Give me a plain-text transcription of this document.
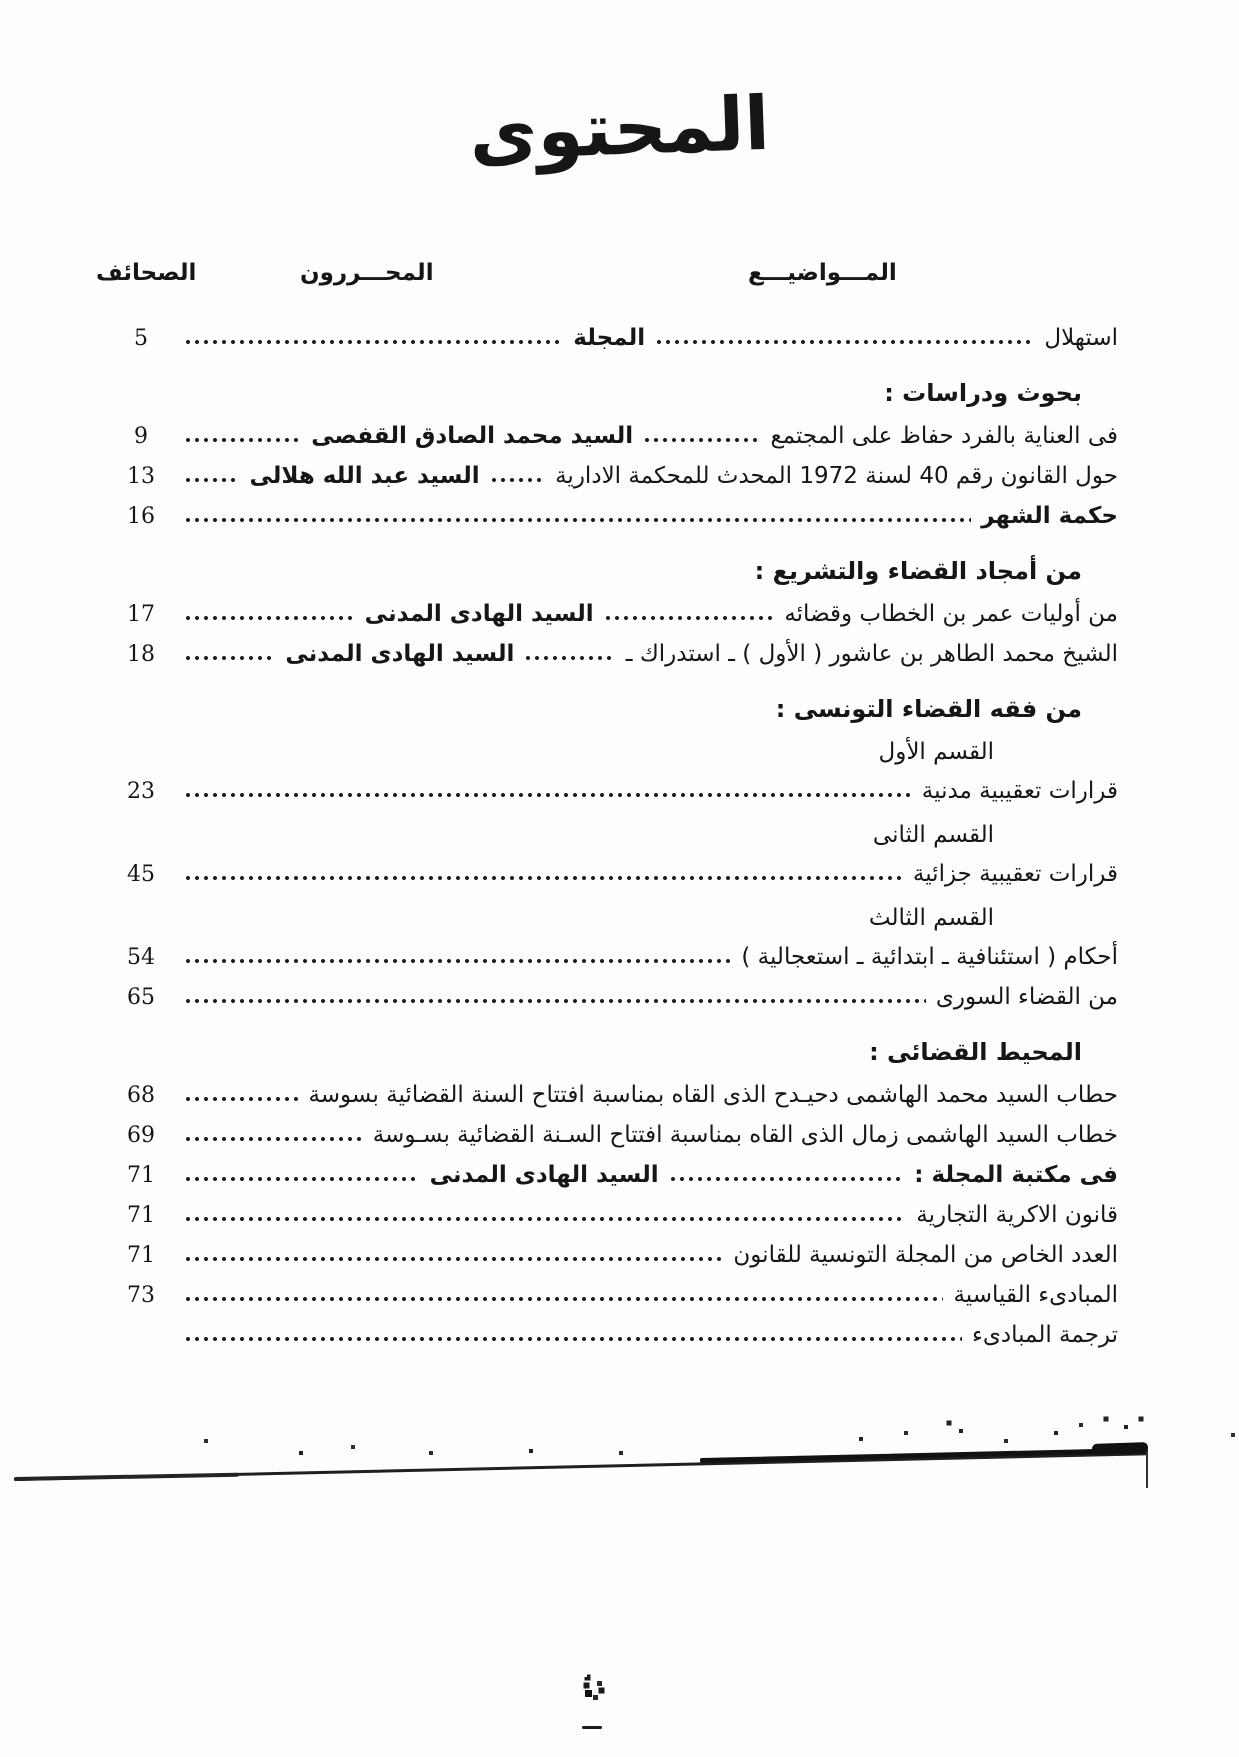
المحتوى
الصحائف	المحـــررون	المـــواضيـــع
استهلال
المجلة
5
بحوث ودراسات :
فى العناية بالفرد حفاظ على المجتمع
السيد محمد الصادق القفصى
9
حول القانون رقم 40 لسنة 1972 المحدث للمحكمة الادارية
السيد عبد الله هلالى
13
حكمة الشهر
16
من أمجاد القضاء والتشريع :
من أوليات عمر بن الخطاب وقضائه
السيد الهادى المدنى
17
الشيخ محمد الطاهر بن عاشور ( الأول ) ـ استدراك ـ
السيد الهادى المدنى
18
من فقه القضاء التونسى :
القسم الأول
قرارات تعقيبية مدنية
23
القسم الثانى
قرارات تعقيبية جزائية
45
القسم الثالث
أحكام ( استئنافية ـ ابتدائية ـ استعجالية )
54
من القضاء السورى
65
المحيط القضائى :
حطاب السيد محمد الهاشمى دحيـدح الذى القاه بمناسبة افتتاح السنة القضائية بسوسة
68
خطاب السيد الهاشمى زمال الذى القاه بمناسبة افتتاح السـنة القضائية بسـوسة
69
فى مكتبة المجلة :
السيد الهادى المدنى
71
قانون الاكرية التجارية
71
العدد الخاص من المجلة التونسية للقانون
71
المبادىء القياسية
73
ترجمة المبادىء
